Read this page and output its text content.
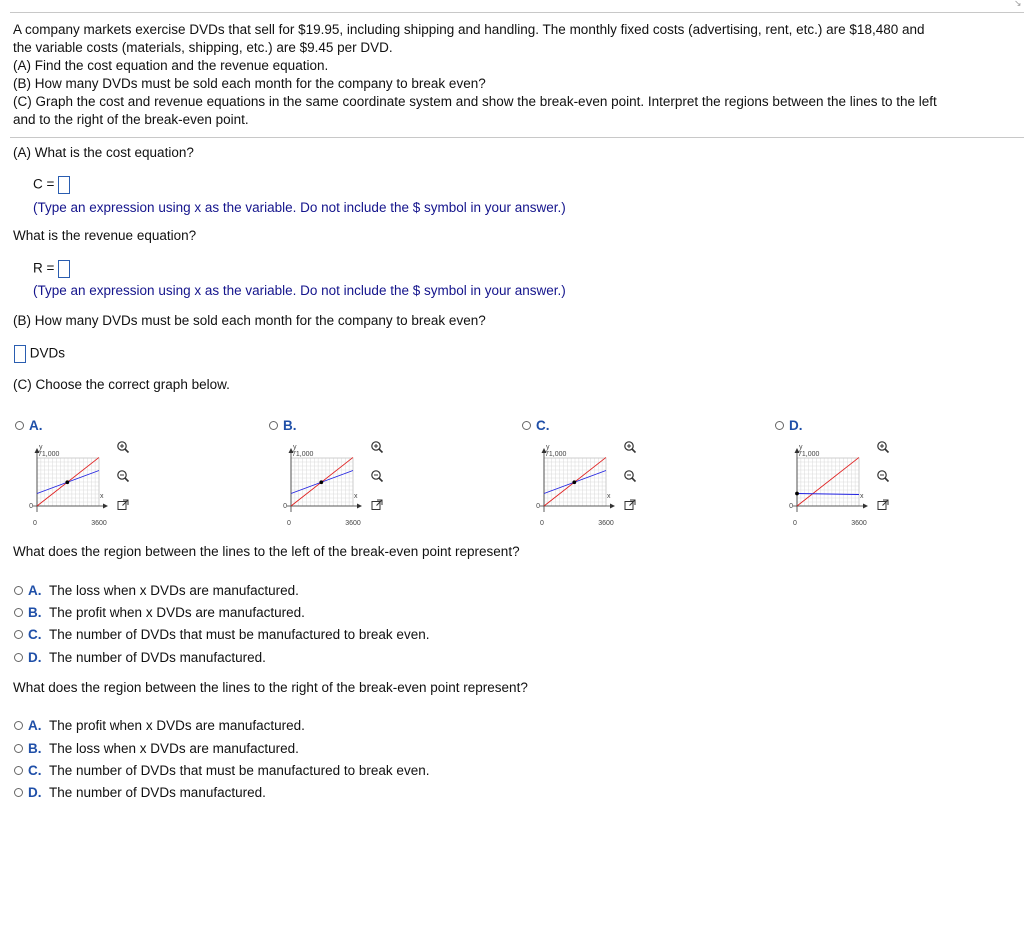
↘
A company markets exercise DVDs that sell for $19.95, including shipping and handling. The monthly fixed costs (advertising, rent, etc.) are $18,480 and
the variable costs (materials, shipping, etc.) are $9.45 per DVD.
(A) Find the cost equation and the revenue equation.
(B) How many DVDs must be sold each month for the company to break even?
(C) Graph the cost and revenue equations in the same coordinate system and show the break-even point. Interpret the regions between the lines to the left
and to the right of the break-even point.
(A) What is the cost equation?
C =
(Type an expression using x as the variable. Do not include the $ symbol in your answer.)
What is the revenue equation?
R =
(Type an expression using x as the variable. Do not include the $ symbol in your answer.)
(B) How many DVDs must be sold each month for the company to break even?
DVDs
(C) Choose the correct graph below.
A.
y
71,000
x
0
0	3600
B.
y
71,000
x
0
0	3600
C.
y
71,000
x
0
0	3600
D.
y
71,000
x
0
0	3600
What does the region between the lines to the left of the break-even point represent?
A. The loss when x DVDs are manufactured.
B. The profit when x DVDs are manufactured.
C. The number of DVDs that must be manufactured to break even.
D. The number of DVDs manufactured.
What does the region between the lines to the right of the break-even point represent?
A. The profit when x DVDs are manufactured.
B. The loss when x DVDs are manufactured.
C. The number of DVDs that must be manufactured to break even.
D. The number of DVDs manufactured.
